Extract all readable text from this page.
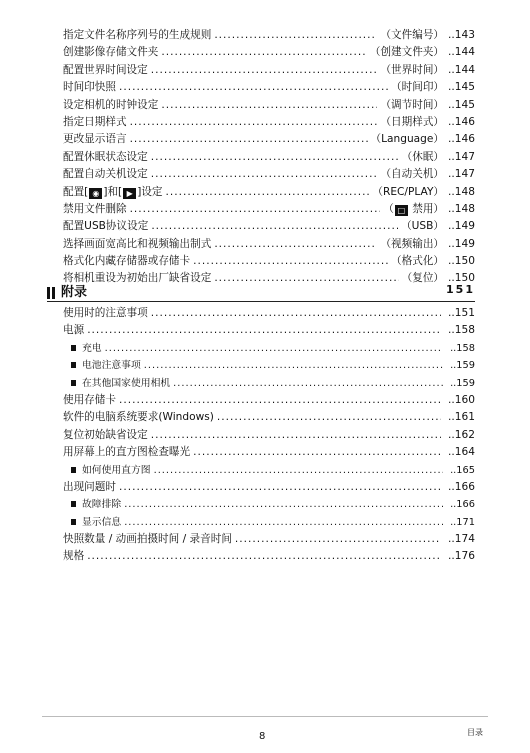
指定文件名称序列号的生成规则 .....	（文件编号） ..143
创建影像存储文件夹 .....	（创建文件夹） ..144
配置世界时间设定 .....	（世界时间） ..144
时间印快照 .....	（时间印） ..145
设定相机的时钟设定 .....	（调节时间） ..145
指定日期样式 .....	（日期样式） ..146
更改显示语言 .....	（Language） ..146
配置休眠状态设定 .....	（休眠） ..147
配置自动关机设定 .....	（自动关机） ..147
配置[ ◉ ]和[ ▶ ]设定 .....	（REC/PLAY） ..148
禁用文件删除 .....	（ □ 禁用） ..148
配置USB协议设定 .....	（USB） ..149
选择画面宽高比和视频输出制式 .....	（视频输出） ..149
格式化内藏存储器或存储卡 .....	（格式化） ..150
将相机重设为初始出厂缺省设定 .....	（复位） ..150
附录	151
使用时的注意事项 .....	..151
电源 .....	..158
充电 .....	..158
电池注意事项 .....	..159
在其他国家使用相机 .....	..159
使用存储卡 .....	..160
软件的电脑系统要求(Windows) .....	..161
复位初始缺省设定 .....	..162
用屏幕上的直方图检查曝光 .....	..164
如何使用直方图 .....	..165
出现问题时 .....	..166
故障排除 .....	..166
显示信息 .....	..171
快照数量 / 动画拍摄时间 / 录音时间 .....	..174
规格 .....	..176
8	目录
